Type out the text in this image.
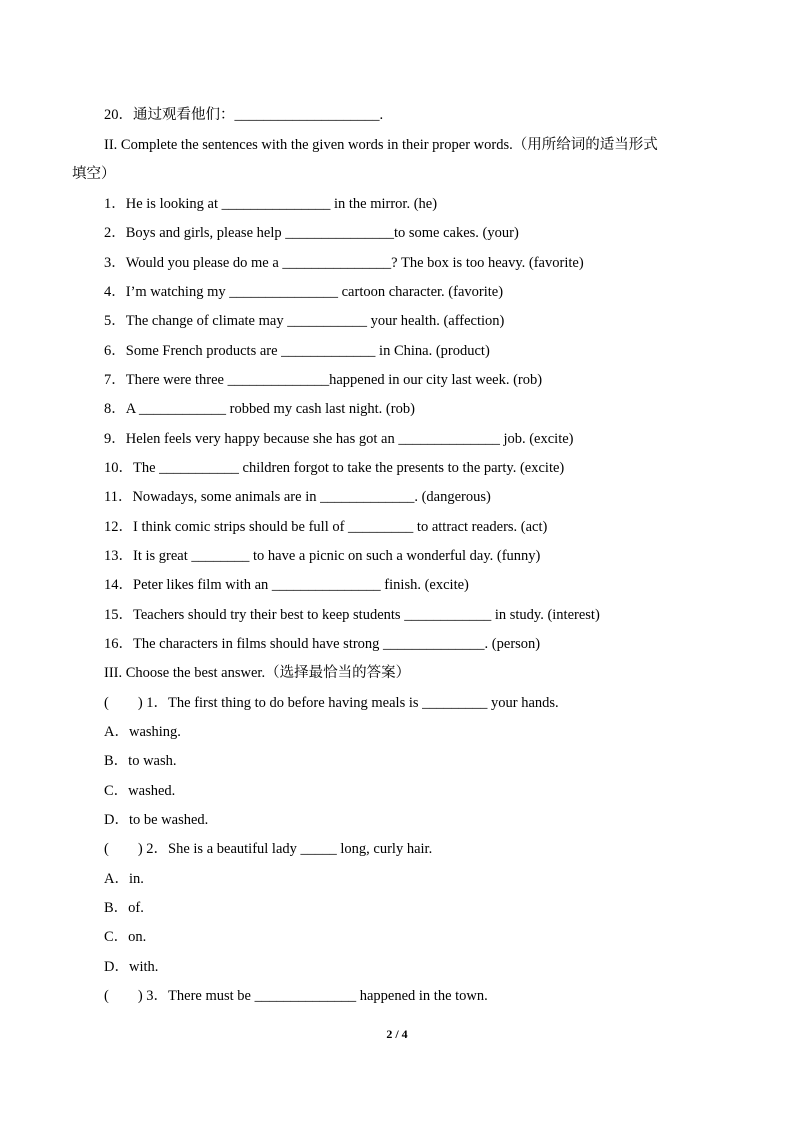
20．通过观看他们：____________________.
II. Complete the sentences with the given words in their proper words.（用所给词的适当形式
填空）
1．He is looking at _______________ in the mirror. (he)
2．Boys and girls, please help _______________to some cakes. (your)
3．Would you please do me a _______________? The box is too heavy. (favorite)
4．I’m watching my _______________ cartoon character. (favorite)
5．The change of climate may ___________ your health. (affection)
6．Some French products are _____________ in China. (product)
7．There were three ______________happened in our city last week. (rob)
8．A ____________ robbed my cash last night. (rob)
9．Helen feels very happy because she has got an ______________ job. (excite)
10．The ___________ children forgot to take the presents to the party. (excite)
11．Nowadays, some animals are in _____________. (dangerous)
12．I think comic strips should be full of _________ to attract readers. (act)
13．It is great ________ to have a picnic on such a wonderful day. (funny)
14．Peter likes film with an _______________ finish. (excite)
15．Teachers should try their best to keep students ____________ in study. (interest)
16．The characters in films should have strong ______________. (person)
III. Choose the best answer.（选择最恰当的答案）
(        ) 1．The first thing to do before having meals is _________ your hands.
A．washing.
B．to wash.
C．washed.
D．to be washed.
(        ) 2．She is a beautiful lady _____ long, curly hair.
A．in.
B．of.
C．on.
D．with.
(        ) 3．There must be ______________ happened in the town.
2 / 4
